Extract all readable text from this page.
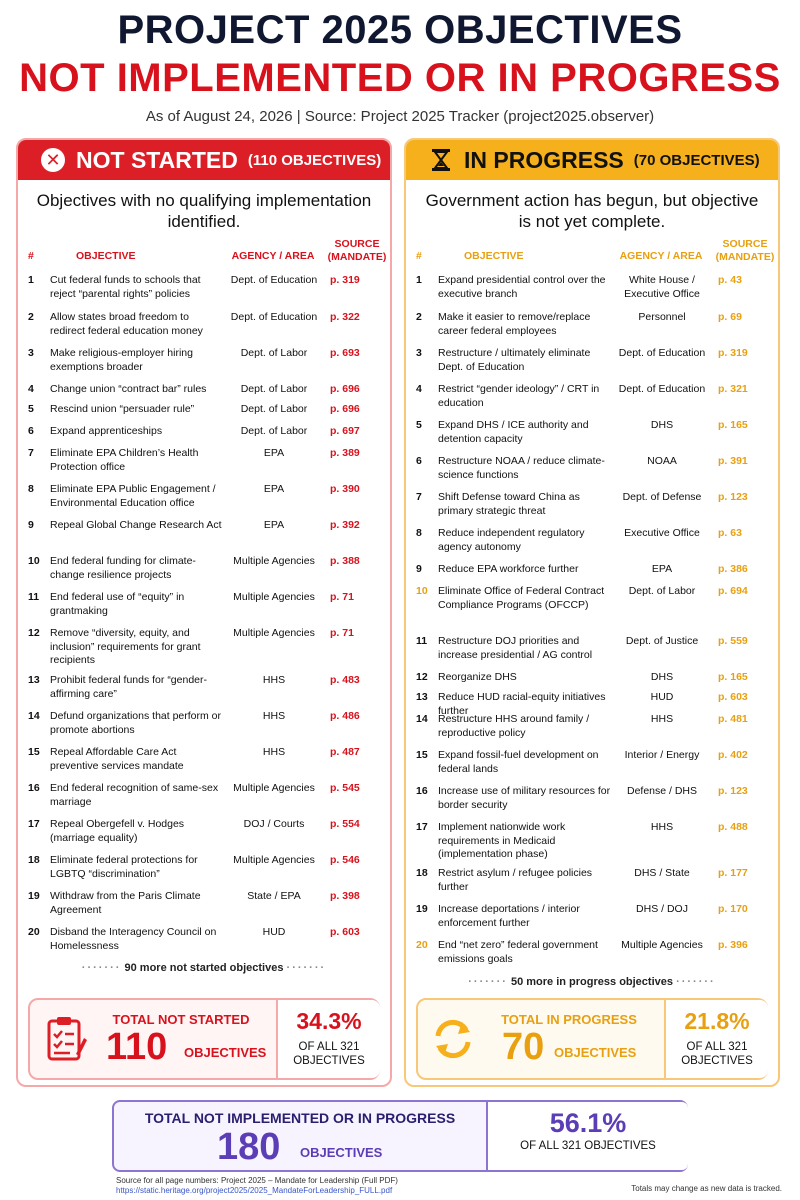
PROJECT 2025 OBJECTIVES
NOT IMPLEMENTED OR IN PROGRESS
As of August 24, 2026 | Source: Project 2025 Tracker (project2025.observer)
✕ NOT STARTED (110 OBJECTIVES)
Objectives with no qualifying implementation identified.
#	OBJECTIVE	AGENCY / AREA
SOURCE
(MANDATE)
1	Cut federal funds to schools that reject “parental rights” policies
Dept. of Education	p. 319
2	Allow states broad freedom to redirect federal education money
Dept. of Education	p. 322
3	Make religious-employer hiring exemptions broader
Dept. of Labor	p. 693
4	Change union “contract bar” rules	Dept. of Labor	p. 696
5	Rescind union “persuader rule”	Dept. of Labor	p. 696
6	Expand apprenticeships	Dept. of Labor	p. 697
7	Eliminate EPA Children’s Health Protection office
EPA	p. 389
8	Eliminate EPA Public Engagement / Environmental Education office
EPA	p. 390
9	Repeal Global Change Research Act	EPA	p. 392
10 End federal funding for climate-change resilience projects
Multiple Agencies	p. 388
11	End federal use of “equity” in grantmaking
Multiple Agencies	p. 71
12 Remove “diversity, equity, and inclusion” requirements for grant recipients
Multiple Agencies	p. 71
13 Prohibit federal funds for “gender-affirming care”
HHS	p. 483
14 Defund organizations that perform or promote abortions
HHS	p. 486
15 Repeal Affordable Care Act preventive services mandate
HHS	p. 487
16 End federal recognition of same-sex marriage
Multiple Agencies	p. 545
17 Repeal Obergefell v. Hodges (marriage equality)
DOJ / Courts	p. 554
18 Eliminate federal protections for LGBTQ “discrimination”
Multiple Agencies	p. 546
19 Withdraw from the Paris Climate Agreement
State / EPA	p. 398
20 Disband the Interagency Council on Homelessness
HUD	p. 603
······· 90 more not started objectives ·······
TOTAL NOT STARTED
110 OBJECTIVES
34.3%
OF ALL 321 OBJECTIVES
IN PROGRESS (70 OBJECTIVES)
Government action has begun, but objective is not yet complete.
#	OBJECTIVE	AGENCY / AREA
SOURCE
(MANDATE)
1	Expand presidential control over the executive branch
White House / Executive Office
p. 43
2	Make it easier to remove/replace career federal employees
Personnel	p. 69
3	Restructure / ultimately eliminate Dept. of Education
Dept. of Education	p. 319
4	Restrict “gender ideology” / CRT in education
Dept. of Education	p. 321
5	Expand DHS / ICE authority and detention capacity
DHS	p. 165
6	Restructure NOAA / reduce climate-science functions
NOAA	p. 391
7	Shift Defense toward China as primary strategic threat
Dept. of Defense	p. 123
8	Reduce independent regulatory agency autonomy
Executive Office	p. 63
9	Reduce EPA workforce further	EPA	p. 386
10 Eliminate Office of Federal Contract Compliance Programs (OFCCP)
Dept. of Labor	p. 694
11	Restructure DOJ priorities and increase presidential / AG control
Dept. of Justice	p. 559
12 Reorganize DHS	DHS	p. 165
13 Reduce HUD racial-equity initiatives further
HUD	p. 603
14 Restructure HHS around family / reproductive policy
HHS	p. 481
15 Expand fossil-fuel development on federal lands
Interior / Energy	p. 402
16 Increase use of military resources for border security
Defense / DHS	p. 123
17 Implement nationwide work requirements in Medicaid (implementation phase)
HHS	p. 488
18 Restrict asylum / refugee policies further
DHS / State	p. 177
19 Increase deportations / interior enforcement further
DHS / DOJ	p. 170
20 End “net zero” federal government emissions goals
Multiple Agencies	p. 396
······· 50 more in progress objectives ·······
TOTAL IN PROGRESS
70 OBJECTIVES
21.8%
OF ALL 321 OBJECTIVES
TOTAL NOT IMPLEMENTED OR IN PROGRESS
180 OBJECTIVES
56.1%
OF ALL 321 OBJECTIVES
Source for all page numbers: Project 2025 – Mandate for Leadership (Full PDF)
https://static.heritage.org/project2025/2025_MandateForLeadership_FULL.pdf	Totals may change as new data is tracked.
